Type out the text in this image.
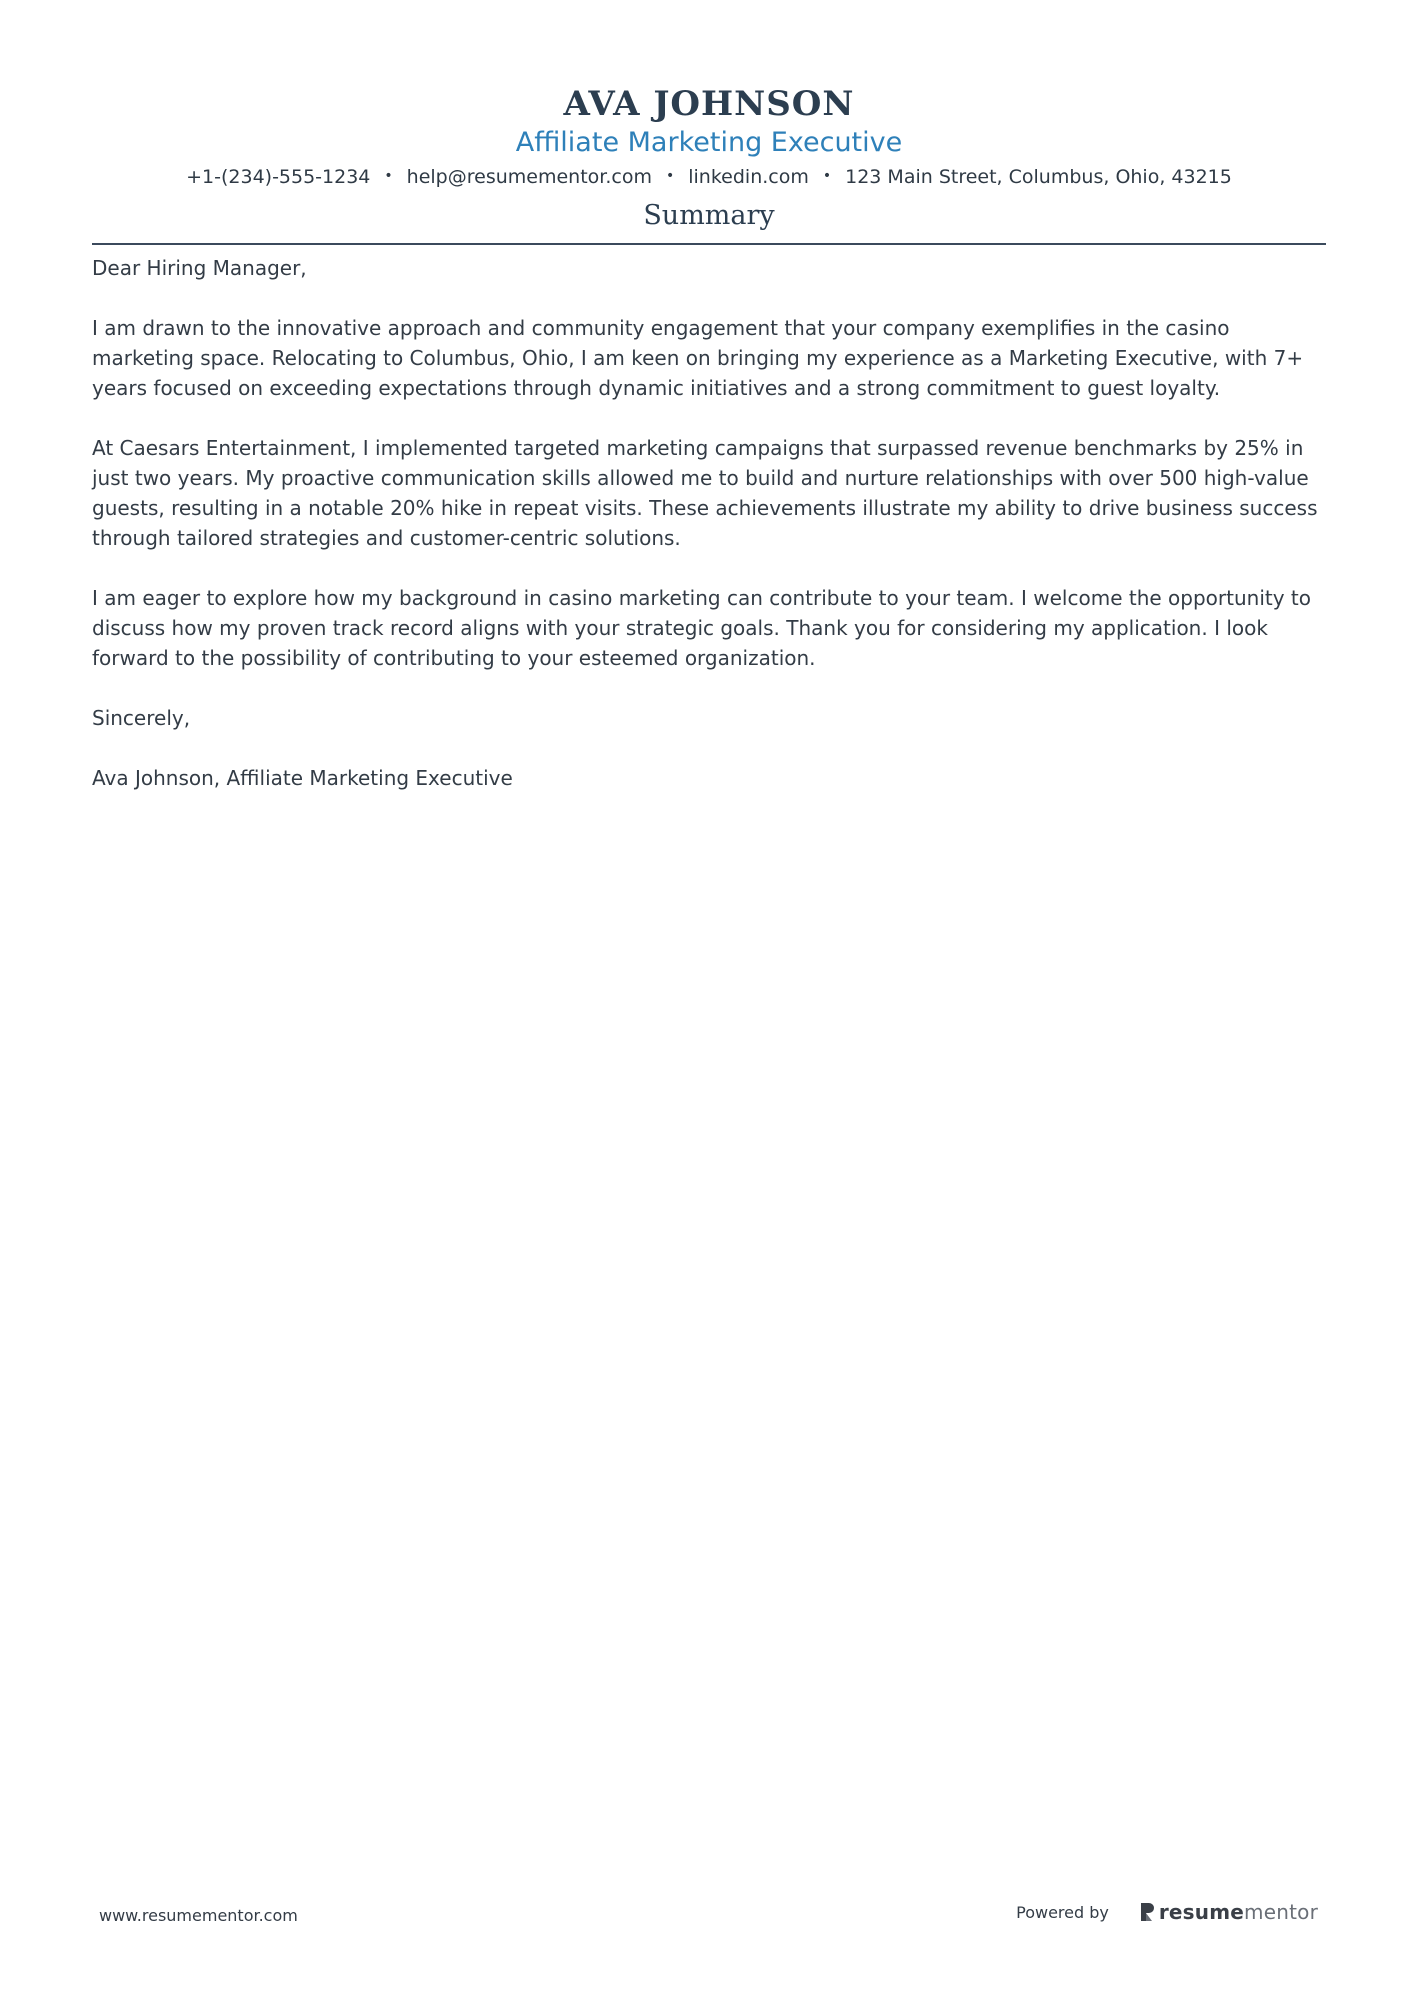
AVA JOHNSON
Affiliate Marketing Executive
+1-(234)-555-1234 • help@resumementor.com • linkedin.com • 123 Main Street, Columbus, Ohio, 43215
Summary

Dear Hiring Manager,

I am drawn to the innovative approach and community engagement that your company exemplifies in the casino marketing space. Relocating to Columbus, Ohio, I am keen on bringing my experience as a Marketing Executive, with 7+ years focused on exceeding expectations through dynamic initiatives and a strong commitment to guest loyalty.

At Caesars Entertainment, I implemented targeted marketing campaigns that surpassed revenue benchmarks by 25% in just two years. My proactive communication skills allowed me to build and nurture relationships with over 500 high-value guests, resulting in a notable 20% hike in repeat visits. These achievements illustrate my ability to drive business success through tailored strategies and customer-centric solutions.

I am eager to explore how my background in casino marketing can contribute to your team. I welcome the opportunity to discuss how my proven track record aligns with your strategic goals. Thank you for considering my application. I look forward to the possibility of contributing to your esteemed organization.

Sincerely,

Ava Johnson, Affiliate Marketing Executive

www.resumementor.com	Powered by	resume mentor
